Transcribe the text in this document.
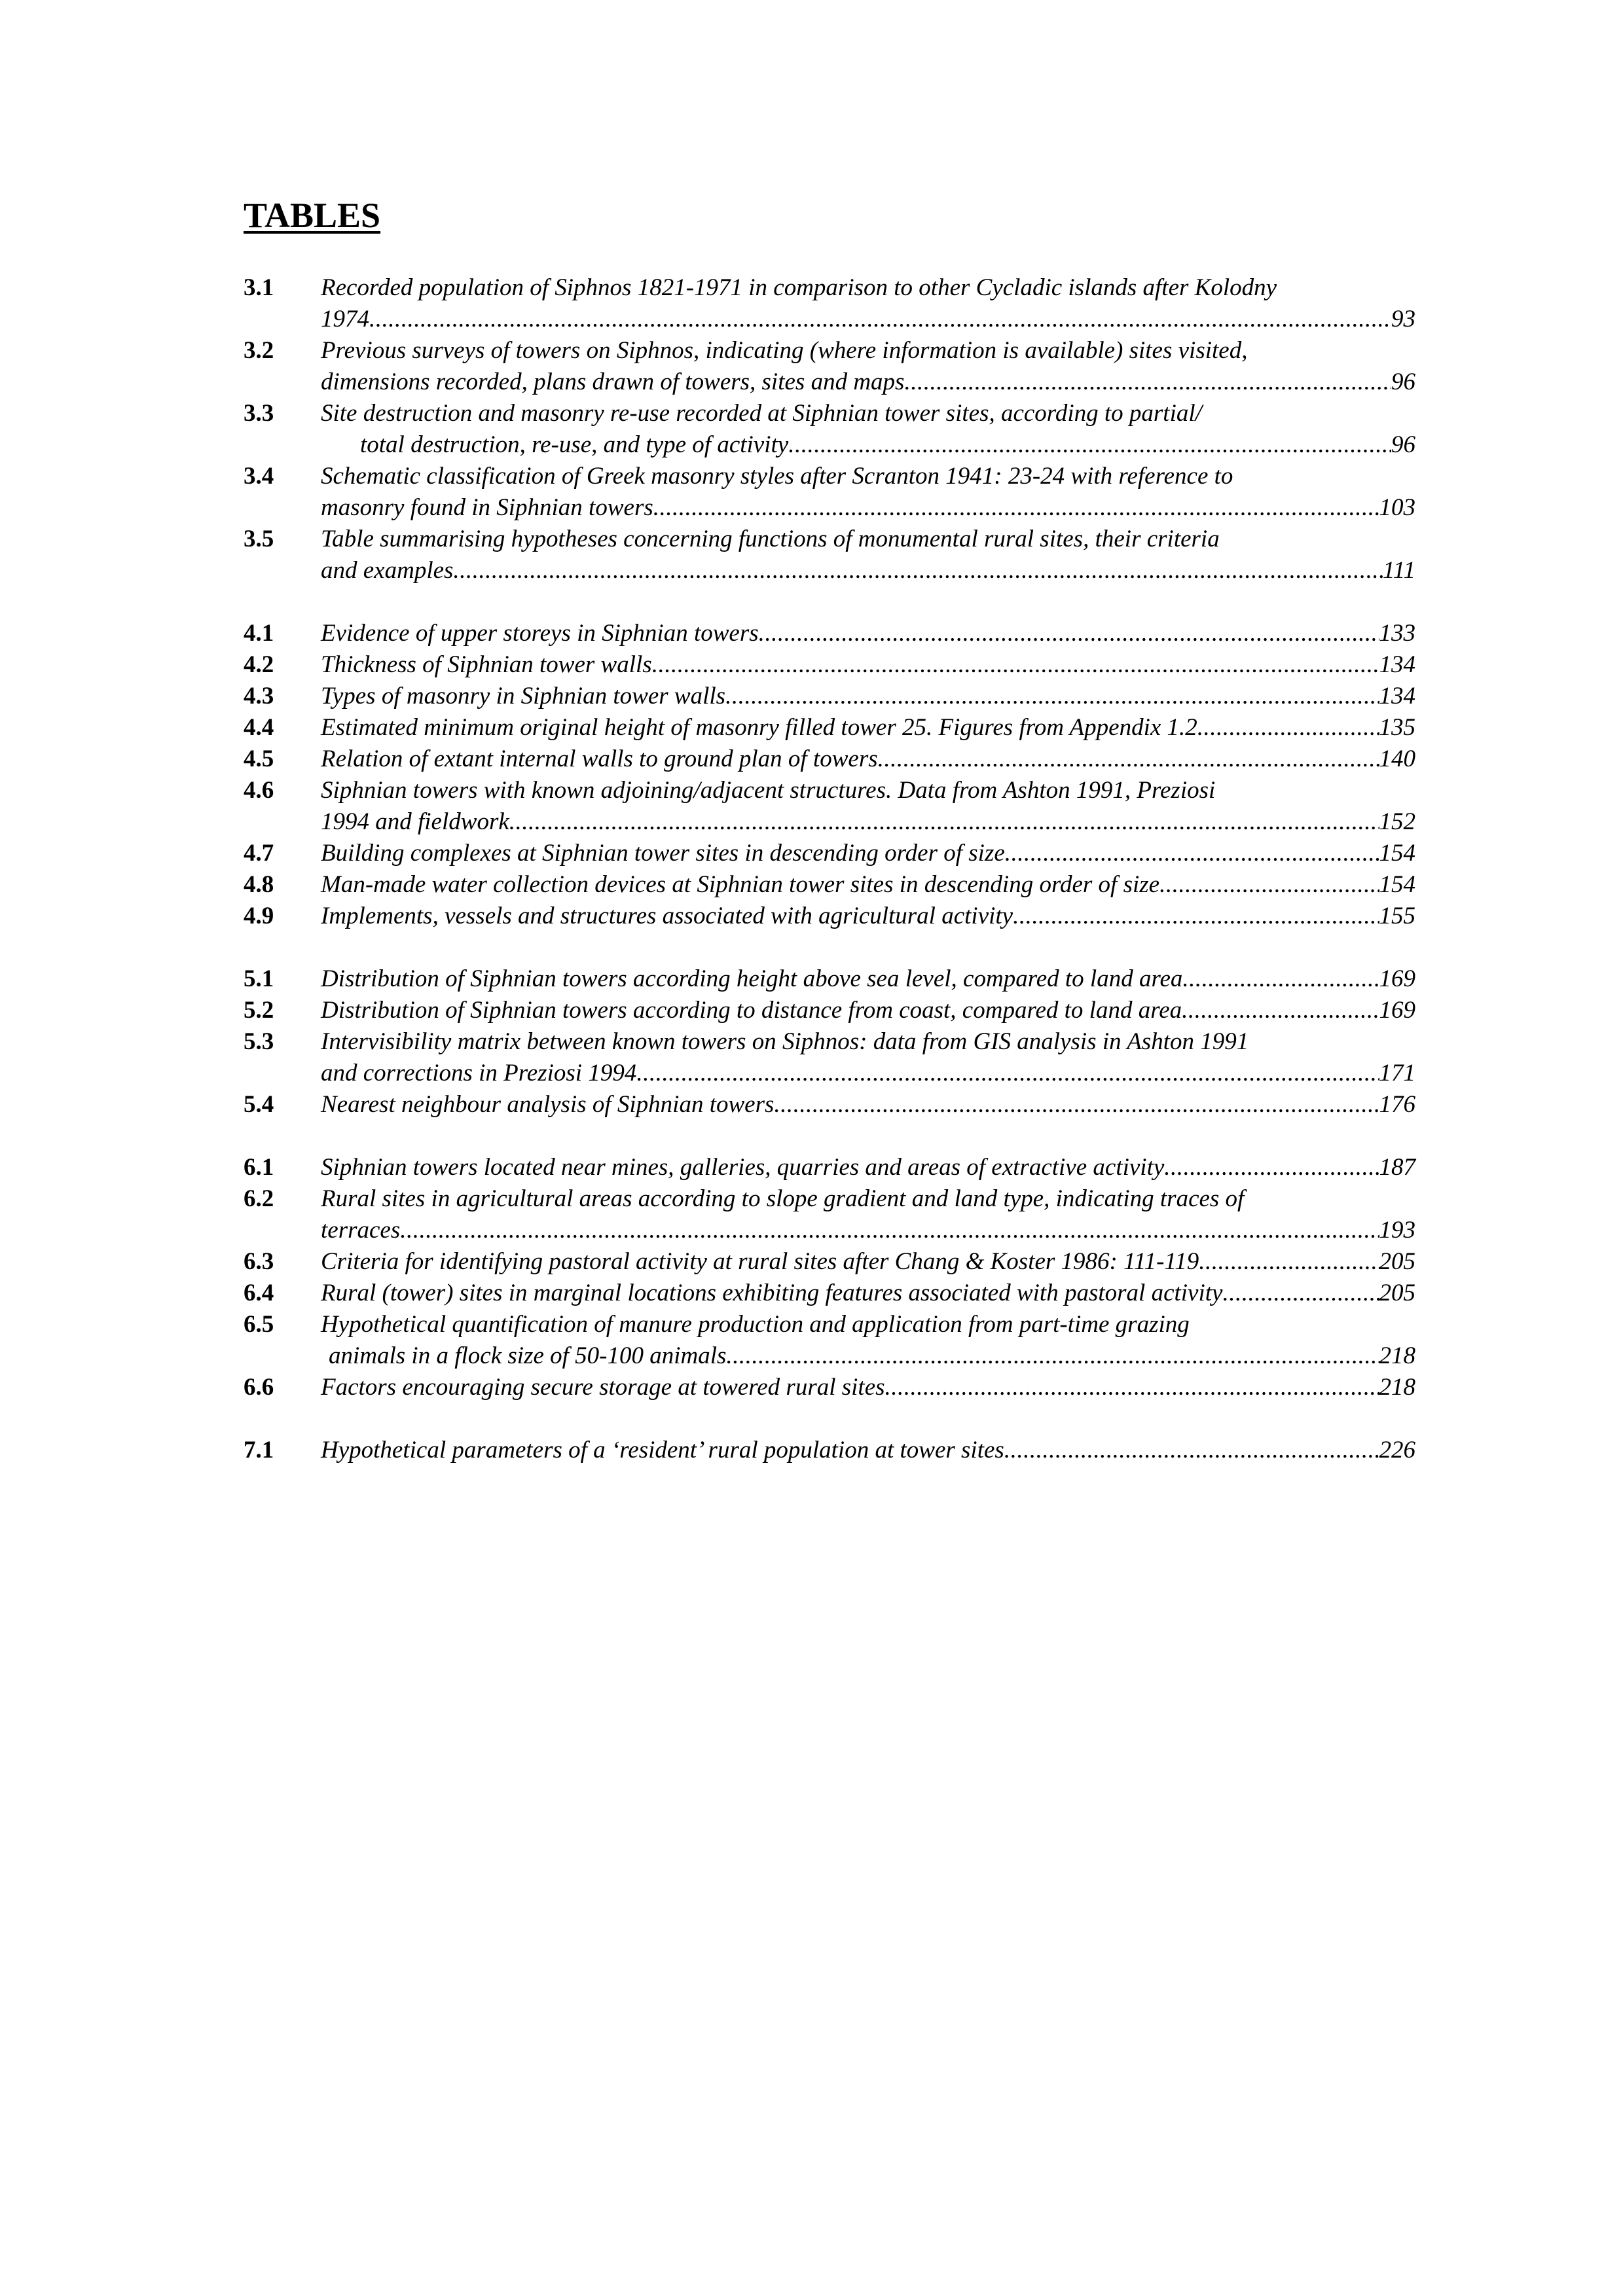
TABLES
3.1	Recorded population of Siphnos 1821-1971 in comparison to other Cycladic islands after Kolodny
1974 .....	93
3.2	Previous surveys of towers on Siphnos, indicating (where information is available) sites visited,
dimensions recorded, plans drawn of towers, sites and maps .....	96
3.3	Site destruction and masonry re-use recorded at Siphnian tower sites, according to partial/
total destruction, re-use, and type of activity .....	96
3.4	Schematic classification of Greek masonry styles after Scranton 1941: 23-24 with reference to
masonry found in Siphnian towers .....	103
3.5	Table summarising hypotheses concerning functions of monumental rural sites, their criteria
and examples .....	111
4.1	Evidence of upper storeys in Siphnian towers .....	133
4.2	Thickness of Siphnian tower walls .....	134
4.3	Types of masonry in Siphnian tower walls .....	134
4.4	Estimated minimum original height of masonry filled tower 25. Figures from Appendix 1.2 .....	135
4.5	Relation of extant internal walls to ground plan of towers .....	140
4.6	Siphnian towers with known adjoining/adjacent structures. Data from Ashton 1991, Preziosi
1994 and fieldwork .....	152
4.7	Building complexes at Siphnian tower sites in descending order of size .....	154
4.8	Man-made water collection devices at Siphnian tower sites in descending order of size .....	154
4.9	Implements, vessels and structures associated with agricultural activity .....	155
5.1	Distribution of Siphnian towers according height above sea level, compared to land area .....	169
5.2	Distribution of Siphnian towers according to distance from coast, compared to land area .....	169
5.3	Intervisibility matrix between known towers on Siphnos: data from GIS analysis in Ashton 1991
and corrections in Preziosi 1994 .....	171
5.4	Nearest neighbour analysis of Siphnian towers .....	176
6.1	Siphnian towers located near mines, galleries, quarries and areas of extractive activity .....	187
6.2	Rural sites in agricultural areas according to slope gradient and land type, indicating traces of
terraces .....	193
6.3	Criteria for identifying pastoral activity at rural sites after Chang & Koster 1986: 111-119 .....	205
6.4	Rural (tower) sites in marginal locations exhibiting features associated with pastoral activity .....	205
6.5	Hypothetical quantification of manure production and application from part-time grazing
animals in a flock size of 50-100 animals .....	218
6.6	Factors encouraging secure storage at towered rural sites .....	218
7.1	Hypothetical parameters of a ‘resident’ rural population at tower sites .....	226
